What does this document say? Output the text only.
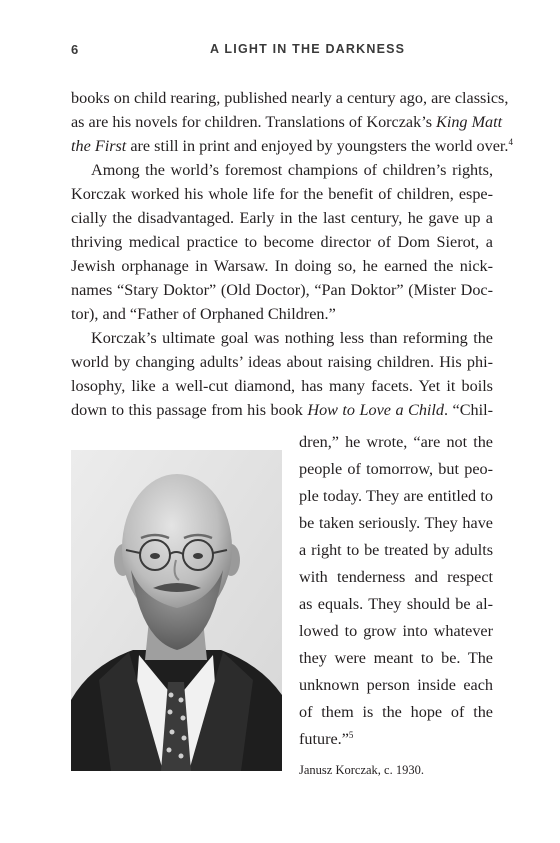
6	A LIGHT IN THE DARKNESS
books on child rearing, published nearly a century ago, are classics,
as are his novels for children. Translations of Korczak’s King Matt
the First are still in print and enjoyed by youngsters the world over.$^4$
Among the world’s foremost champions of children’s rights,
Korczak worked his whole life for the benefit of children, espe-
cially the disadvantaged. Early in the last century, he gave up a
thriving medical practice to become director of Dom Sierot, a
Jewish orphanage in Warsaw. In doing so, he earned the nick-
names “Stary Doktor” (Old Doctor), “Pan Doktor” (Mister Doc-
tor), and “Father of Orphaned Children.”
Korczak’s ultimate goal was nothing less than reforming the
world by changing adults’ ideas about raising children. His phi-
losophy, like a well-cut diamond, has many facets. Yet it boils
down to this passage from his book How to Love a Child. “Chil-
dren,” he wrote, “are not the
people of tomorrow, but peo-
ple today. They are entitled to
be taken seriously. They have
a right to be treated by adults
with tenderness and respect
as equals. They should be al-
lowed to grow into whatever
they were meant to be. The
unknown person inside each
of them is the hope of the
future.”$^5$
Janusz Korczak, c. 1930.
